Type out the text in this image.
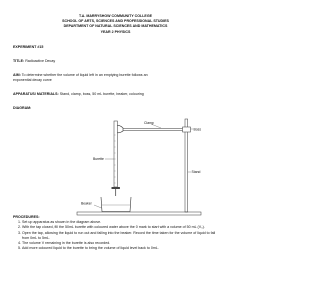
T.A. MARRYSHOW COMMUNITY COLLEGE
SCHOOL OF ARTS, SCIENCES AND PROFESSIONAL STUDIES
DEPARTMENT OF NATURAL SCIENCES AND MATHEMATICS
YEAR 2 PHYSICS
EXPERIMENT #15
TITLE: Radioactive Decay
AIM: To determine whether the volume of liquid left in an emptying burette follows an
exponential decay curve
APPARATUS/ MATERIALS: Stand, clamp, boss, 50 mL burette, beaker, colouring
DIAGRAM:
Clamp
Boss
Burette
Stand
Beaker
PROCEDURES:
1. Set up apparatus as shown in the diagram above.
2. With the tap closed, fill the 50mL burette with coloured water above the 0 mark to start with a volume of 50 mL (V₀).
3. Open the tap, allowing the liquid to run out and falling into the beaker. Record the time taken for the volume of liquid to fall from 0mL to 5mL.
4. The volume V remaining in the burette is also recorded.
5. Add more coloured liquid to the burette to bring the volume of liquid level back to 0mL.
